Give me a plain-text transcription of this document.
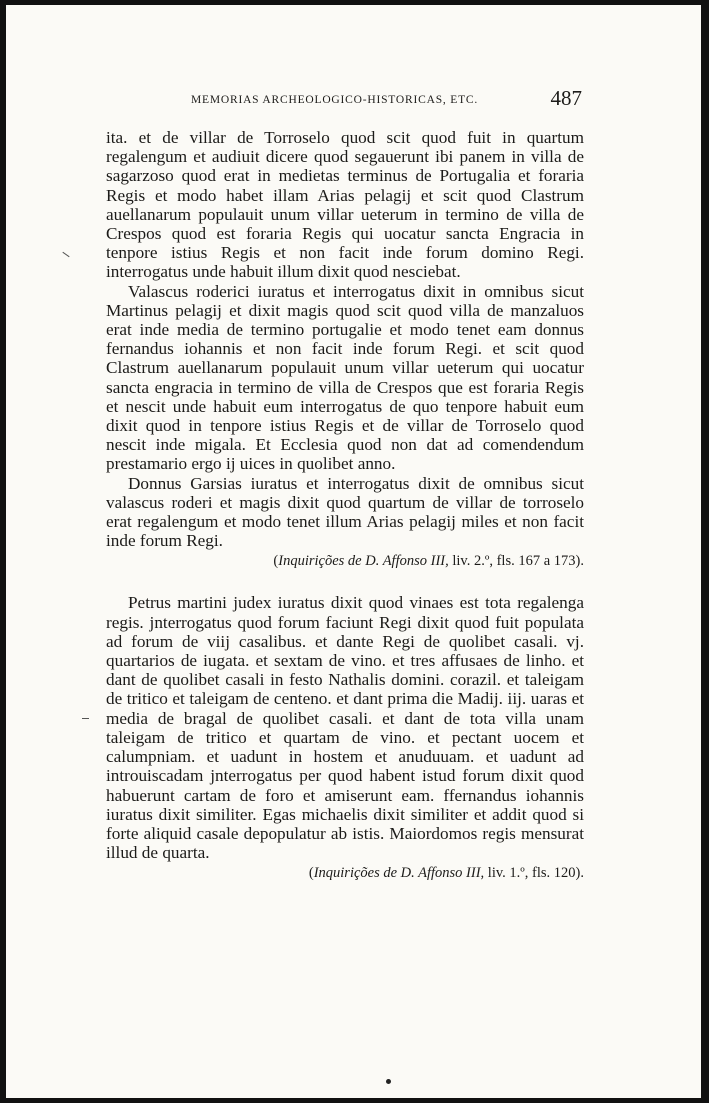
MEMORIAS ARCHEOLOGICO-HISTORICAS, ETC.	487

ita. et de villar de Torroselo quod scit quod fuit in quartum regalengum et audiuit dicere quod segauerunt ibi panem in villa de sagarzoso quod erat in medietas terminus de Portugalia et foraria Regis et modo habet illam Arias pelagij et scit quod Clastrum auellanarum populauit unum villar ueterum in termino de villa de Crespos quod est foraria Regis qui uocatur sancta Engracia in tenpore istius Regis et non facit inde forum domino Regi. interrogatus unde habuit illum dixit quod nesciebat.

Valascus roderici iuratus et interrogatus dixit in omnibus sicut Martinus pelagij et dixit magis quod scit quod villa de manzaluos erat inde media de termino portugalie et modo tenet eam donnus fernandus iohannis et non facit inde forum Regi. et scit quod Clastrum auellanarum populauit unum villar ueterum qui uocatur sancta engracia in termino de villa de Crespos que est foraria Regis et nescit unde habuit eum interrogatus de quo tenpore habuit eum dixit quod in tenpore istius Regis et de villar de Torroselo quod nescit inde migala. Et Ecclesia quod non dat ad comendendum prestamario ergo ij uices in quolibet anno.

Donnus Garsias iuratus et interrogatus dixit de omnibus sicut valascus roderi et magis dixit quod quartum de villar de torroselo erat regalengum et modo tenet illum Arias pelagij miles et non facit inde forum Regi.

(Inquirições de D. Affonso III, liv. 2.º, fls. 167 a 173).

Petrus martini judex iuratus dixit quod vinaes est tota regalenga regis. jnterrogatus quod forum faciunt Regi dixit quod fuit populata ad forum de viij casalibus. et dante Regi de quolibet casali. vj. quartarios de iugata. et sextam de vino. et tres affusaes de linho. et dant de quolibet casali in festo Nathalis domini. corazil. et taleigam de tritico et taleigam de centeno. et dant prima die Madij. iij. uaras et media de bragal de quolibet casali. et dant de tota villa unam taleigam de tritico et quartam de vino. et pectant uocem et calumpniam. et uadunt in hostem et anuduuam. et uadunt ad introuiscadam jnterrogatus per quod habent istud forum dixit quod habuerunt cartam de foro et amiserunt eam. ffernandus iohannis iuratus dixit similiter. Egas michaelis dixit similiter et addit quod si forte aliquid casale depopulatur ab istis. Maiordomos regis mensurat illud de quarta.

(Inquirições de D. Affonso III, liv. 1.º, fls. 120).
